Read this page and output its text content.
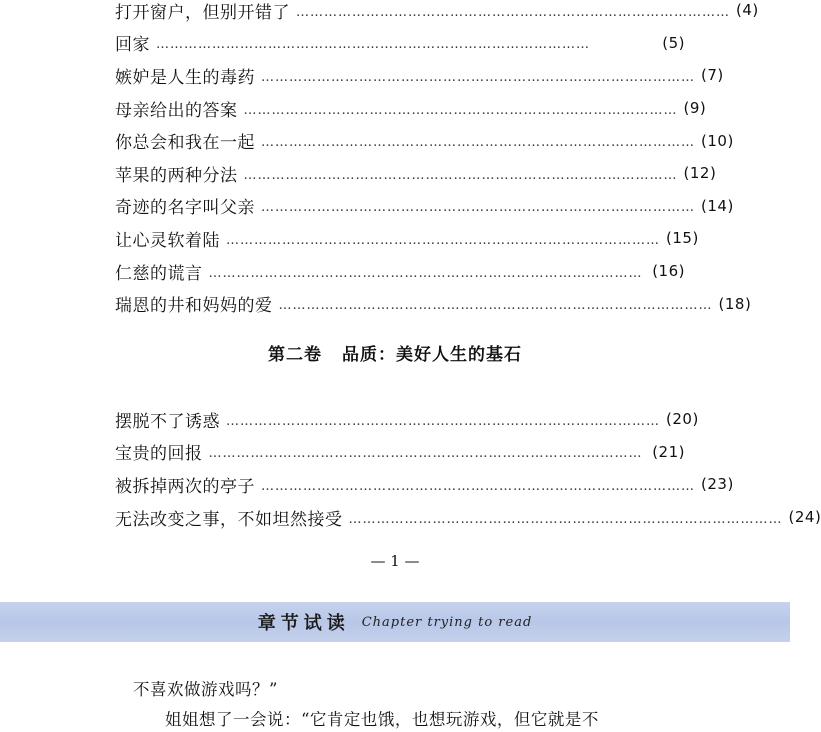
打开窗户，但别开错了 ………………………………………………………………………………… (4)
回家 …………………………………………………………………………………	(5)
嫉妒是人生的毒药 ………………………………………………………………………………… (7)
母亲给出的答案 ………………………………………………………………………………… (9)
你总会和我在一起 ………………………………………………………………………………… (10)
苹果的两种分法 ………………………………………………………………………………… (12)
奇迹的名字叫父亲 ………………………………………………………………………………… (14)
让心灵软着陆 ………………………………………………………………………………… (15)
仁慈的谎言 ………………………………………………………………………………… (16)
瑞恩的井和妈妈的爱 ………………………………………………………………………………… (18)
第二卷 品质：美好人生的基石
摆脱不了诱惑 ………………………………………………………………………………… (20)
宝贵的回报 ………………………………………………………………………………… (21)
被拆掉两次的亭子 ………………………………………………………………………………… (23)
无法改变之事，不如坦然接受 ………………………………………………………………………………… (24)
— 1 —
章节试读 Chapter trying to read
不喜欢做游戏吗？”
姐姐想了一会说：“它肯定也饿，也想玩游戏，但它就是不
